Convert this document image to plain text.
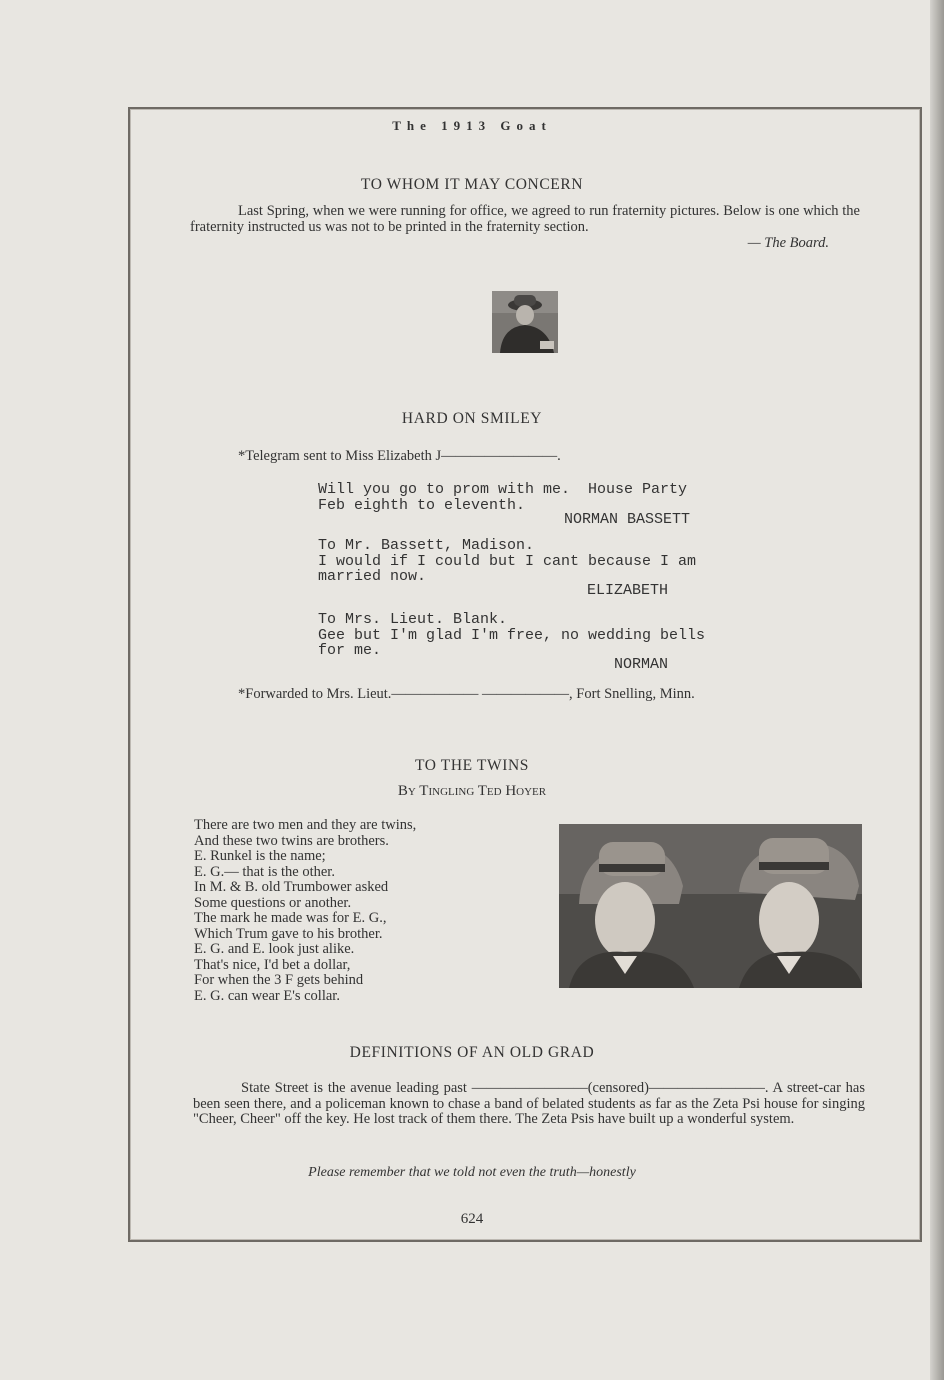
The 1913 Goat
TO WHOM IT MAY CONCERN
Last Spring, when we were running for office, we agreed to run fraternity pictures. Below is one which the fraternity instructed us was not to be printed in the fraternity section.
— The Board.
HARD ON SMILEY
*Telegram sent to Miss Elizabeth J————————.
Will you go to prom with me.  House Party
Feb eighth to eleventh.
NORMAN BASSETT
To Mr. Bassett, Madison.
I would if I could but I cant because I am
married now.
ELIZABETH
To Mrs. Lieut. Blank.
Gee but I'm glad I'm free, no wedding bells
for me.
NORMAN
*Forwarded to Mrs. Lieut.—————— ——————, Fort Snelling, Minn.
TO THE TWINS
By Tingling Ted Hoyer
There are two men and they are twins,
And these two twins are brothers.
E. Runkel is the name;
E. G.— that is the other.
In M. & B. old Trumbower asked
Some questions or another.
The mark he made was for E. G.,
Which Trum gave to his brother.
E. G. and E. look just alike.
That's nice, I'd bet a dollar,
For when the 3 F gets behind
E. G. can wear E's collar.
DEFINITIONS OF AN OLD GRAD
State Street is the avenue leading past ————————(censored)————————. A street-car has been seen there, and a policeman known to chase a band of belated students as far as the Zeta Psi house for singing "Cheer, Cheer" off the key. He lost track of them there. The Zeta Psis have built up a wonderful system.
Please remember that we told not even the truth—honestly
624
